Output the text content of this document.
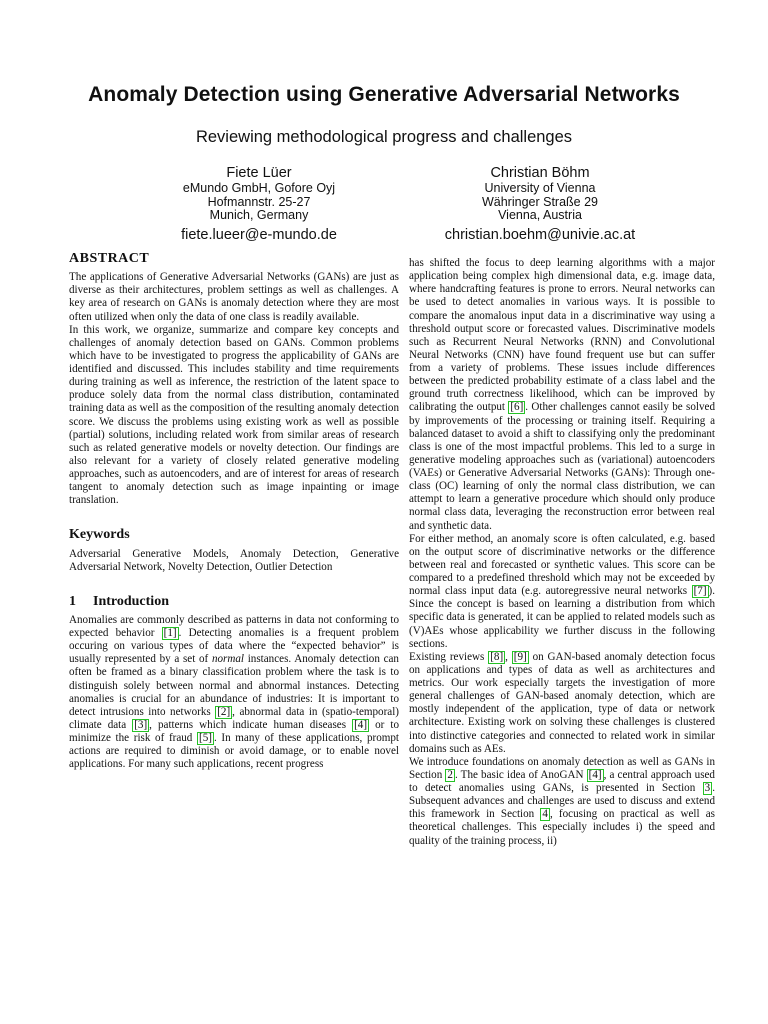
Anomaly Detection using Generative Adversarial Networks
Reviewing methodological progress and challenges
Fiete Lüer
eMundo GmbH, Gofore Oyj
Hofmannstr. 25-27
Munich, Germany
fiete.lueer@e-mundo.de
Christian Böhm
University of Vienna
Währinger Straße 29
Vienna, Austria
christian.boehm@univie.ac.at
ABSTRACT

The applications of Generative Adversarial Networks (GANs) are just as diverse as their architectures, problem settings as well as challenges. A key area of research on GANs is anomaly detection where they are most often utilized when only the data of one class is readily available.

In this work, we organize, summarize and compare key concepts and challenges of anomaly detection based on GANs. Common problems which have to be investigated to progress the applicability of GANs are identified and discussed. This includes stability and time requirements during training as well as inference, the restriction of the latent space to produce solely data from the normal class distribution, contaminated training data as well as the composition of the resulting anomaly detection score. We discuss the problems using existing work as well as possible (partial) solutions, including related work from similar areas of research such as related generative models or novelty detection. Our findings are also relevant for a variety of closely related generative modeling approaches, such as autoencoders, and are of interest for areas of research tangent to anomaly detection such as image inpainting or image translation.

Keywords

Adversarial Generative Models, Anomaly Detection, Generative Adversarial Network, Novelty Detection, Outlier Detection

1 Introduction

Anomalies are commonly described as patterns in data not conforming to expected behavior [1] . Detecting anomalies is a frequent problem occuring on various types of data where the “expected behavior” is usually represented by a set of normal instances. Anomaly detection can often be framed as a binary classification problem where the task is to distinguish solely between normal and abnormal instances. Detecting anomalies is crucial for an abundance of industries: It is important to detect intrusions into networks [2] , abnormal data in (spatio-temporal) climate data [3] , patterns which indicate human diseases [4] or to minimize the risk of fraud [5] . In many of these applications, prompt actions are required to diminish or avoid damage, or to enable novel applications. For many such applications, recent progress

has shifted the focus to deep learning algorithms with a major application being complex high dimensional data, e.g. image data, where handcrafting features is prone to errors. Neural networks can be used to detect anomalies in various ways. It is possible to compare the anomalous input data in a discriminative way using a threshold output score or forecasted values. Discriminative models such as Recurrent Neural Networks (RNN) and Convolutional Neural Networks (CNN) have found frequent use but can suffer from a variety of problems. These issues include differences between the predicted probability estimate of a class label and the ground truth correctness likelihood, which can be improved by calibrating the output [6] . Other challenges cannot easily be solved by improvements of the processing or training itself. Requiring a balanced dataset to avoid a shift to classifying only the predominant class is one of the most impactful problems. This led to a surge in generative modeling approaches such as (variational) autoencoders (VAEs) or Generative Adversarial Networks (GANs): Through one-class (OC) learning of only the normal class distribution, we can attempt to learn a generative procedure which should only produce normal class data, leveraging the reconstruction error between real and synthetic data.

For either method, an anomaly score is often calculated, e.g. based on the output score of discriminative networks or the difference between real and forecasted or synthetic values. This score can be compared to a predefined threshold which may not be exceeded by normal class input data (e.g. autoregressive neural networks [7] ). Since the concept is based on learning a distribution from which specific data is generated, it can be applied to related models such as (V)AEs whose applicability we further discuss in the following sections.

Existing reviews [8] , [9] on GAN-based anomaly detection focus on applications and types of data as well as architectures and metrics. Our work especially targets the investigation of more general challenges of GAN-based anomaly detection, which are mostly independent of the application, type of data or network architecture. Existing work on solving these challenges is clustered into distinctive categories and connected to related work in similar domains such as AEs.

We introduce foundations on anomaly detection as well as GANs in Section 2 . The basic idea of AnoGAN [4] , a central approach used to detect anomalies using GANs, is presented in Section 3 . Subsequent advances and challenges are used to discuss and extend this framework in Section 4 , focusing on practical as well as theoretical challenges. This especially includes i) the speed and quality of the training process, ii)
